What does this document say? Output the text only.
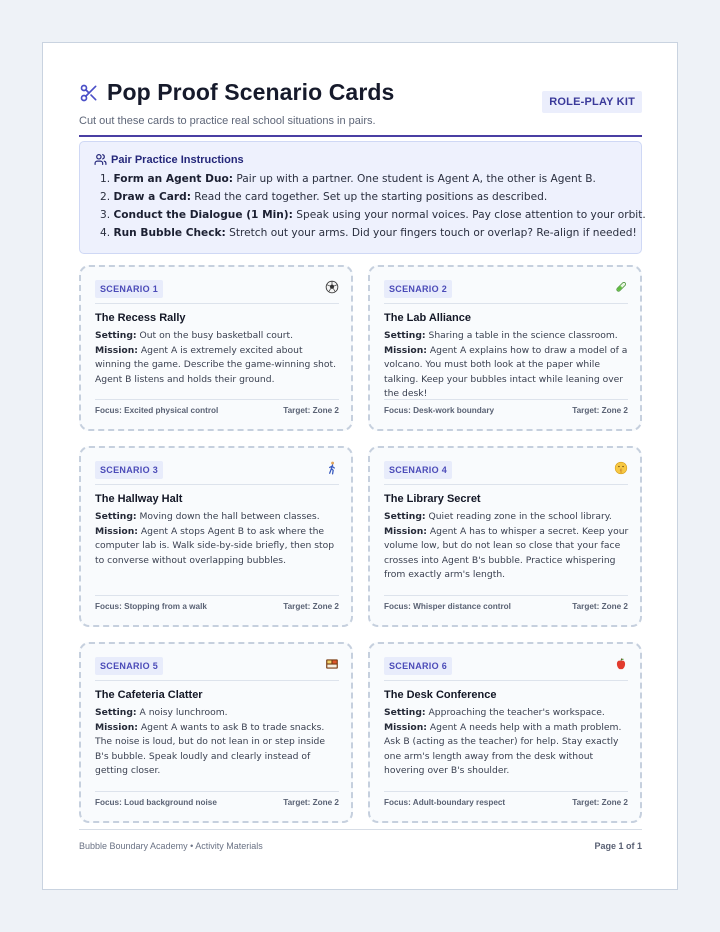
Pop Proof Scenario Cards
Cut out these cards to practice real school situations in pairs.
ROLE-PLAY KIT
Pair Practice Instructions
1. Form an Agent Duo: Pair up with a partner. One student is Agent A, the other is Agent B.
2. Draw a Card: Read the card together. Set up the starting positions as described.
3. Conduct the Dialogue (1 Min): Speak using your normal voices. Pay close attention to your orbit.
4. Run Bubble Check: Stretch out your arms. Did your fingers touch or overlap? Re-align if needed!
SCENARIO 1
The Recess Rally
Setting: Out on the busy basketball court.
Mission: Agent A is extremely excited about winning the game. Describe the game-winning shot. Agent B listens and holds their ground.
Focus: Excited physical control	Target: Zone 2
SCENARIO 2
The Lab Alliance
Setting: Sharing a table in the science classroom.
Mission: Agent A explains how to draw a model of a volcano. You must both look at the paper while talking. Keep your bubbles intact while leaning over the desk!
Focus: Desk-work boundary	Target: Zone 2
SCENARIO 3
The Hallway Halt
Setting: Moving down the hall between classes.
Mission: Agent A stops Agent B to ask where the computer lab is. Walk side-by-side briefly, then stop to converse without overlapping bubbles.
Focus: Stopping from a walk	Target: Zone 2
SCENARIO 4
The Library Secret
Setting: Quiet reading zone in the school library.
Mission: Agent A has to whisper a secret. Keep your volume low, but do not lean so close that your face crosses into Agent B's bubble. Practice whispering from exactly arm's length.
Focus: Whisper distance control	Target: Zone 2
SCENARIO 5
The Cafeteria Clatter
Setting: A noisy lunchroom.
Mission: Agent A wants to ask B to trade snacks. The noise is loud, but do not lean in or step inside B's bubble. Speak loudly and clearly instead of getting closer.
Focus: Loud background noise	Target: Zone 2
SCENARIO 6
The Desk Conference
Setting: Approaching the teacher's workspace.
Mission: Agent A needs help with a math problem. Ask B (acting as the teacher) for help. Stay exactly one arm's length away from the desk without hovering over B's shoulder.
Focus: Adult-boundary respect	Target: Zone 2
Bubble Boundary Academy • Activity Materials	Page 1 of 1
